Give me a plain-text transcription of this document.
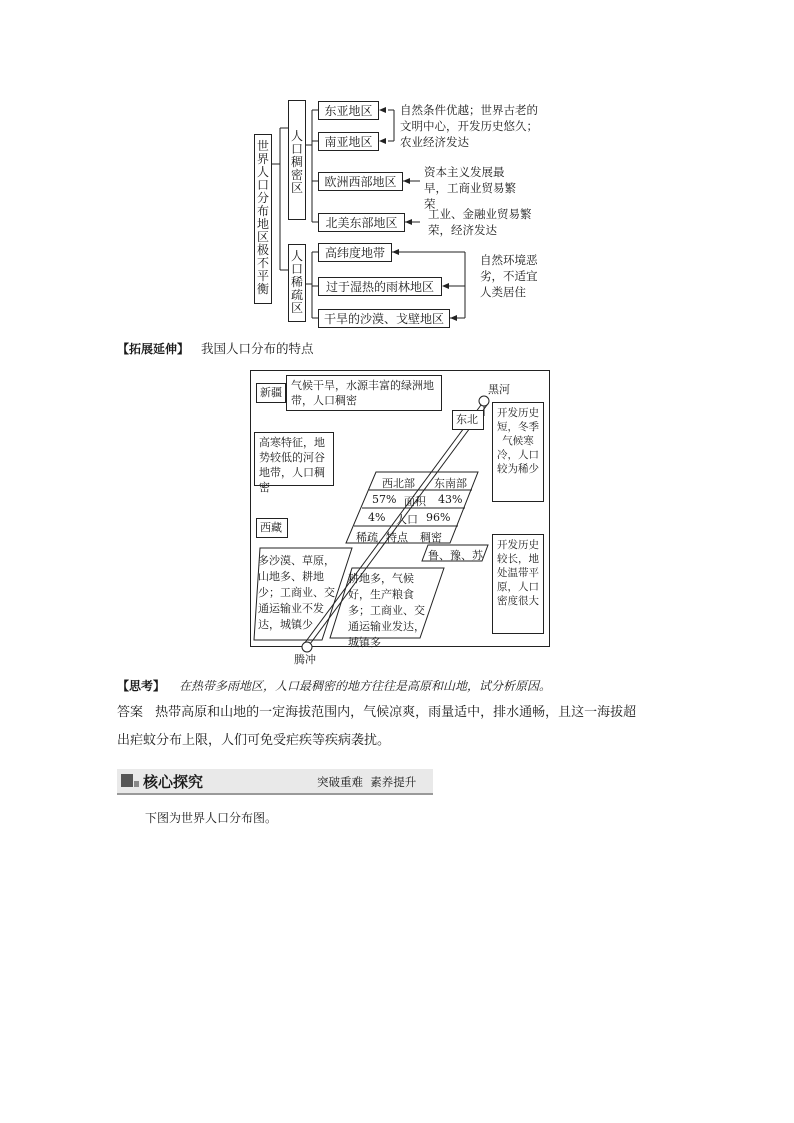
世界人口分布地区极不平衡
人口稠密区
人口稀疏区
东亚地区
南亚地区
欧洲西部地区
北美东部地区
高纬度地带
过于湿热的雨林地区
干旱的沙漠、戈壁地区
自然条件优越；世界古老的文明中心，开发历史悠久；农业经济发达
资本主义发展最早，工商业贸易繁荣
工业、金融业贸易繁荣，经济发达
自然环境恶劣，不适宜人类居住
【拓展延伸】 我国人口分布的特点
新疆
气候干旱，水源丰富的绿洲地带，人口稠密
黑河
东北	开发历史短，冬季气候寒冷，人口较为稀少
高寒特征，地势较低的河谷地带，人口稠密
西藏
西北部 东南部
57% 面积 43%
4% 人口 96%
稀疏 特点 稠密
鲁、豫、苏
开发历史较长，地处温带平原，人口密度很大
多沙漠、草原，山地多、耕地少；工商业、交通运输业不发达，城镇少
耕地多，气候好，生产粮食多；工商业、交通运输业发达，城镇多
腾冲
【思考】 在热带多雨地区，人口最稠密的地方往往是高原和山地，试分析原因。
答案 热带高原和山地的一定海拔范围内，气候凉爽，雨量适中，排水通畅，且这一海拔超
出疟蚊分布上限，人们可免受疟疾等疾病袭扰。
核心探究	突破重难  素养提升
下图为世界人口分布图。
